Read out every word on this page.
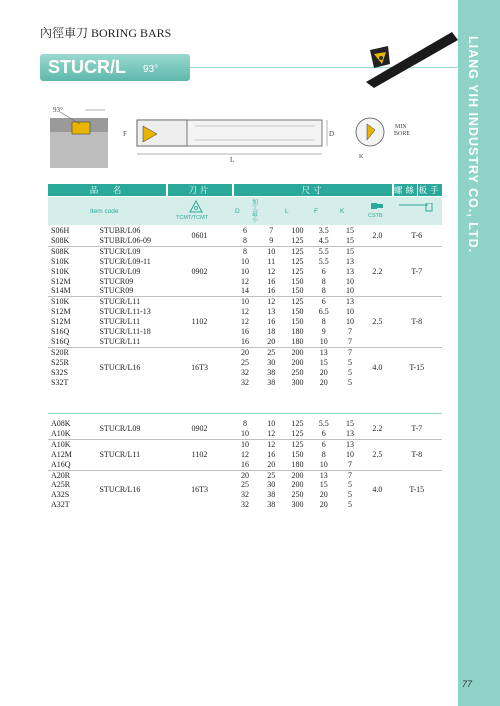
LIANG YIH INDUSTRY CO., LTD.
77
內徑車刀 BORING BARS
STUCR/L 93°
93°
L
F	D
K
MIN
BORE
品　名	刀片	尺寸	螺絲 板手
Item code
TCMT/TCMT
D
加工最小
L	F	K
CSTB
S06H	STUBR/L06	0601	6	7	100	3.5	15	2.0	T-6
S08K	STUBR/L06-09		8	9	125	4.5	15		
S08K	STUCR/L09	0902	8	10	125	5.5	15	2.2	T-7
S10K	STUCR/L09-11		10	11	125	5.5	13		
S10K	STUCR/L09		10	12	125	6	13		
S12M	STUCR09		12	16	150	8	10		
S14M	STUCR09		14	16	150	8	10		
S10K	STUCR/L11	1102	10	12	125	6	13	2.5	T-8
S12M	STUCR/L11-13		12	13	150	6.5	10		
S12M	STUCR/L11		12	16	150	8	10		
S16Q	STUCR/L11-18		16	18	180	9	7		
S16Q	STUCR/L11		16	20	180	10	7		
S20R	STUCR/L16	16T3	20	25	200	13	7	4.0	T-15
S25R			25	30	200	15	5		
S32S			32	38	250	20	5		
S32T			32	38	300	20	5		
A08K	STUCR/L09	0902	8	10	125	5.5	15	2.2	T-7
A10K			10	12	125	6	13		
A10K	STUCR/L11	1102	10	12	125	6	13	2.5	T-8
A12M			12	16	150	8	10		
A16Q			16	20	180	10	7		
A20R	STUCR/L16	16T3	20	25	200	13	7	4.0	T-15
A25R			25	30	200	15	5		
A32S			32	38	250	20	5		
A32T			32	38	300	20	5		
